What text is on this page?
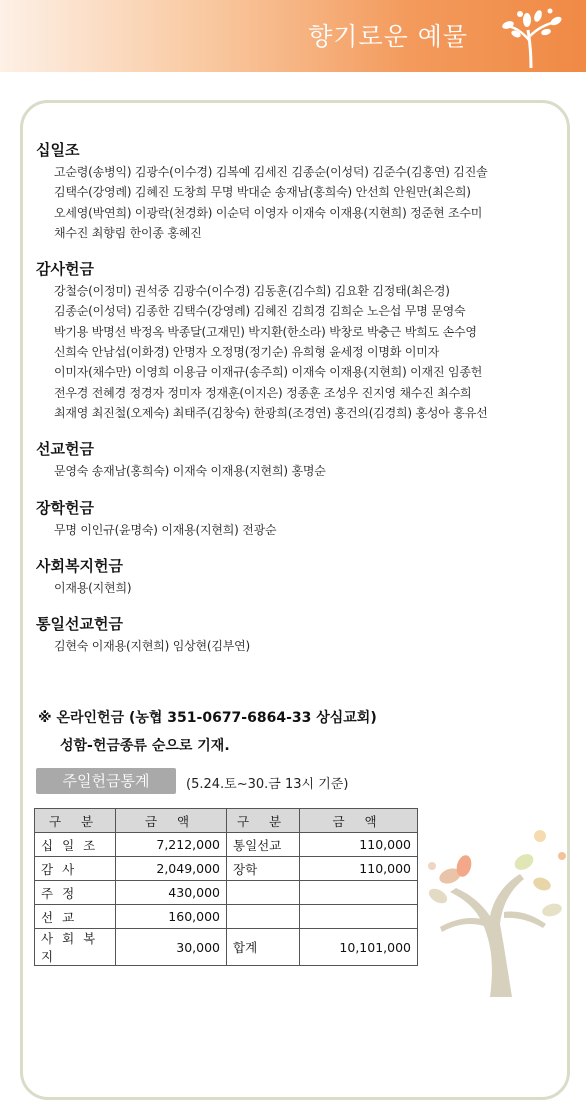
향기로운 예물
십일조
고순령(송병익) 김광수(이수경) 김복예 김세진 김종순(이성덕) 김준수(김홍연) 김진솔
김택수(강영례) 김혜진 도창희 무명 박대순 송재남(홍희숙) 안선희 안원만(최은희)
오세영(박연희) 이광락(천경화) 이순덕 이영자 이재숙 이재용(지현희) 정준현 조수미
채수진 최향림 한이종 홍혜진
감사헌금
강철승(이정미) 권석중 김광수(이수경) 김동훈(김수희) 김요환 김정태(최은경)
김종순(이성덕) 김종한 김택수(강영례) 김혜진 김희경 김희순 노은섭 무명 문영숙
박기용 박명선 박정옥 박종달(고재민) 박지환(한소라) 박창로 박충근 박희도 손수영
신희숙 안남섭(이화경) 안명자 오정명(정기순) 유희형 윤세정 이명화 이미자
이미자(채수만) 이영희 이용금 이재규(송주희) 이재숙 이재용(지현희) 이재진 임종헌
전우경 전혜경 정경자 정미자 정재훈(이지은) 정종훈 조성우 진지영 채수진 최수희
최재영 최진철(오제숙) 최태주(김창숙) 한광희(조경연) 홍건의(김경희) 홍성아 홍유선
선교헌금
문영숙 송재남(홍희숙) 이재숙 이재용(지현희) 홍명순
장학헌금
무명 이인규(윤명숙) 이재용(지현희) 전광순
사회복지헌금
이재용(지현희)
통일선교헌금
김현숙 이재용(지현희) 임상현(김부연)
※ 온라인헌금 (농협 351-0677-6864-33 상심교회)
성함-헌금종류 순으로 기재.
주일헌금통계	(5.24.토~30.금 13시 기준)
구 분	금 액	구 분	금 액
십일조	7,212,000	통일선교	110,000
감사	2,049,000	장학	110,000
주정	430,000		
선교	160,000		
사회복지	30,000	합계	10,101,000
